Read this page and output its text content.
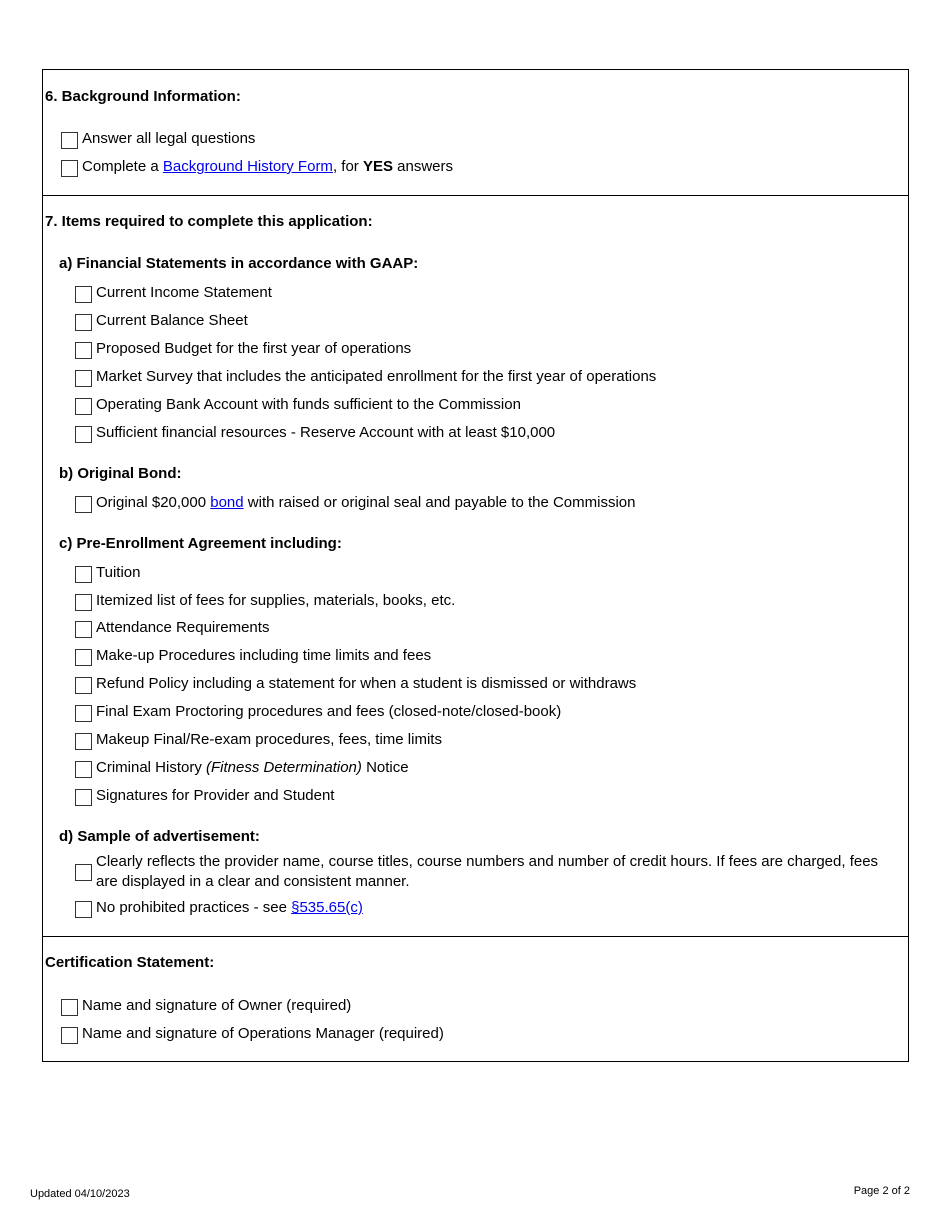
6. Background Information:
Answer all legal questions
Complete a Background History Form, for YES answers
7. Items required to complete this application:
a) Financial Statements in accordance with GAAP:
Current Income Statement
Current Balance Sheet
Proposed Budget for the first year of operations
Market Survey that includes the anticipated enrollment for the first year of operations
Operating Bank Account with funds sufficient to the Commission
Sufficient financial resources - Reserve Account with at least $10,000
b) Original Bond:
Original $20,000 bond with raised or original seal and payable to the Commission
c) Pre-Enrollment Agreement including:
Tuition
Itemized list of fees for supplies, materials, books, etc.
Attendance Requirements
Make-up Procedures including time limits and fees
Refund Policy including a statement for when a student is dismissed or withdraws
Final Exam Proctoring procedures and fees (closed-note/closed-book)
Makeup Final/Re-exam procedures, fees, time limits
Criminal History (Fitness Determination) Notice
Signatures for Provider and Student
d) Sample of advertisement:
Clearly reflects the provider name, course titles, course numbers and number of credit hours. If fees are charged, fees are displayed in a clear and consistent manner.
No prohibited practices - see §535.65(c)
Certification Statement:
Name and signature of Owner (required)
Name and signature of Operations Manager (required)
Updated 04/10/2023	Page 2 of 2
